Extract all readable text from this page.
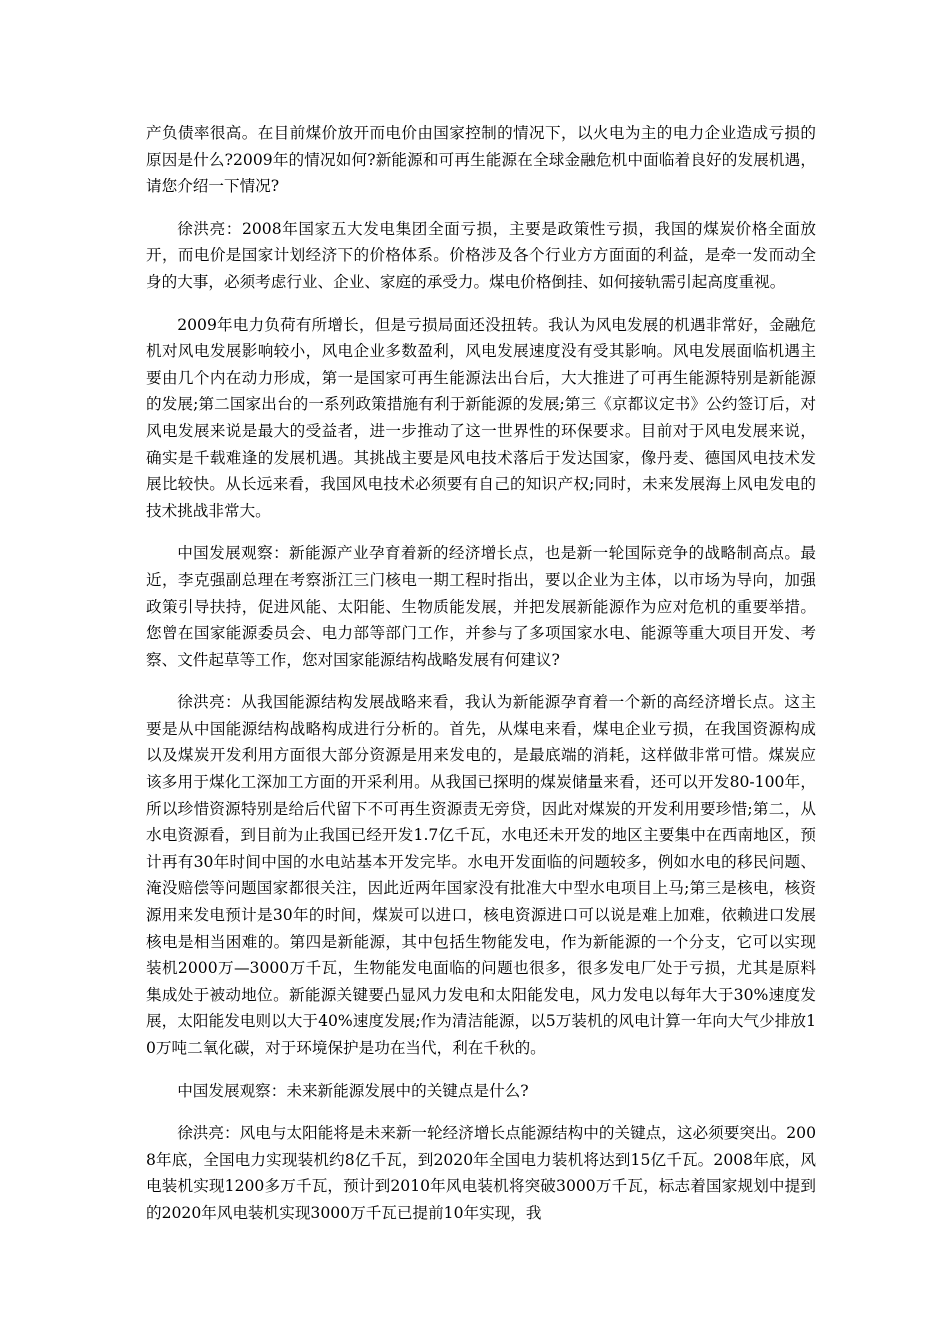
产负债率很高。在目前煤价放开而电价由国家控制的情况下，以火电为主的电力企业造成亏损的原因是什么?2009年的情况如何?新能源和可再生能源在全球金融危机中面临着良好的发展机遇，请您介绍一下情况?

徐洪亮：2008年国家五大发电集团全面亏损，主要是政策性亏损，我国的煤炭价格全面放开，而电价是国家计划经济下的价格体系。价格涉及各个行业方方面面的利益，是牵一发而动全身的大事，必须考虑行业、企业、家庭的承受力。煤电价格倒挂、如何接轨需引起高度重视。

2009年电力负荷有所增长，但是亏损局面还没扭转。我认为风电发展的机遇非常好，金融危机对风电发展影响较小，风电企业多数盈利，风电发展速度没有受其影响。风电发展面临机遇主要由几个内在动力形成，第一是国家可再生能源法出台后，大大推进了可再生能源特别是新能源的发展;第二国家出台的一系列政策措施有利于新能源的发展;第三《京都议定书》公约签订后，对风电发展来说是最大的受益者，进一步推动了这一世界性的环保要求。目前对于风电发展来说，确实是千载难逢的发展机遇。其挑战主要是风电技术落后于发达国家，像丹麦、德国风电技术发展比较快。从长远来看，我国风电技术必须要有自己的知识产权;同时，未来发展海上风电发电的技术挑战非常大。

中国发展观察：新能源产业孕育着新的经济增长点，也是新一轮国际竞争的战略制高点。最近，李克强副总理在考察浙江三门核电一期工程时指出，要以企业为主体，以市场为导向，加强政策引导扶持，促进风能、太阳能、生物质能发展，并把发展新能源作为应对危机的重要举措。您曾在国家能源委员会、电力部等部门工作，并参与了多项国家水电、能源等重大项目开发、考察、文件起草等工作，您对国家能源结构战略发展有何建议?

徐洪亮：从我国能源结构发展战略来看，我认为新能源孕育着一个新的高经济增长点。这主要是从中国能源结构战略构成进行分析的。首先，从煤电来看，煤电企业亏损，在我国资源构成以及煤炭开发利用方面很大部分资源是用来发电的，是最底端的消耗，这样做非常可惜。煤炭应该多用于煤化工深加工方面的开采利用。从我国已探明的煤炭储量来看，还可以开发80-100年，所以珍惜资源特别是给后代留下不可再生资源责无旁贷，因此对煤炭的开发利用要珍惜;第二，从水电资源看，到目前为止我国已经开发1.7亿千瓦，水电还未开发的地区主要集中在西南地区，预计再有30年时间中国的水电站基本开发完毕。水电开发面临的问题较多，例如水电的移民问题、淹没赔偿等问题国家都很关注，因此近两年国家没有批准大中型水电项目上马;第三是核电，核资源用来发电预计是30年的时间，煤炭可以进口，核电资源进口可以说是难上加难，依赖进口发展核电是相当困难的。第四是新能源，其中包括生物能发电，作为新能源的一个分支，它可以实现装机2000万—3000万千瓦，生物能发电面临的问题也很多，很多发电厂处于亏损，尤其是原料集成处于被动地位。新能源关键要凸显风力发电和太阳能发电，风力发电以每年大于30%速度发展，太阳能发电则以大于40%速度发展;作为清洁能源，以5万装机的风电计算一年向大气少排放10万吨二氧化碳，对于环境保护是功在当代，利在千秋的。

中国发展观察：未来新能源发展中的关键点是什么?

徐洪亮：风电与太阳能将是未来新一轮经济增长点能源结构中的关键点，这必须要突出。2008年底，全国电力实现装机约8亿千瓦，到2020年全国电力装机将达到15亿千瓦。2008年底，风电装机实现1200多万千瓦，预计到2010年风电装机将突破3000万千瓦，标志着国家规划中提到的2020年风电装机实现3000万千瓦已提前10年实现，我
